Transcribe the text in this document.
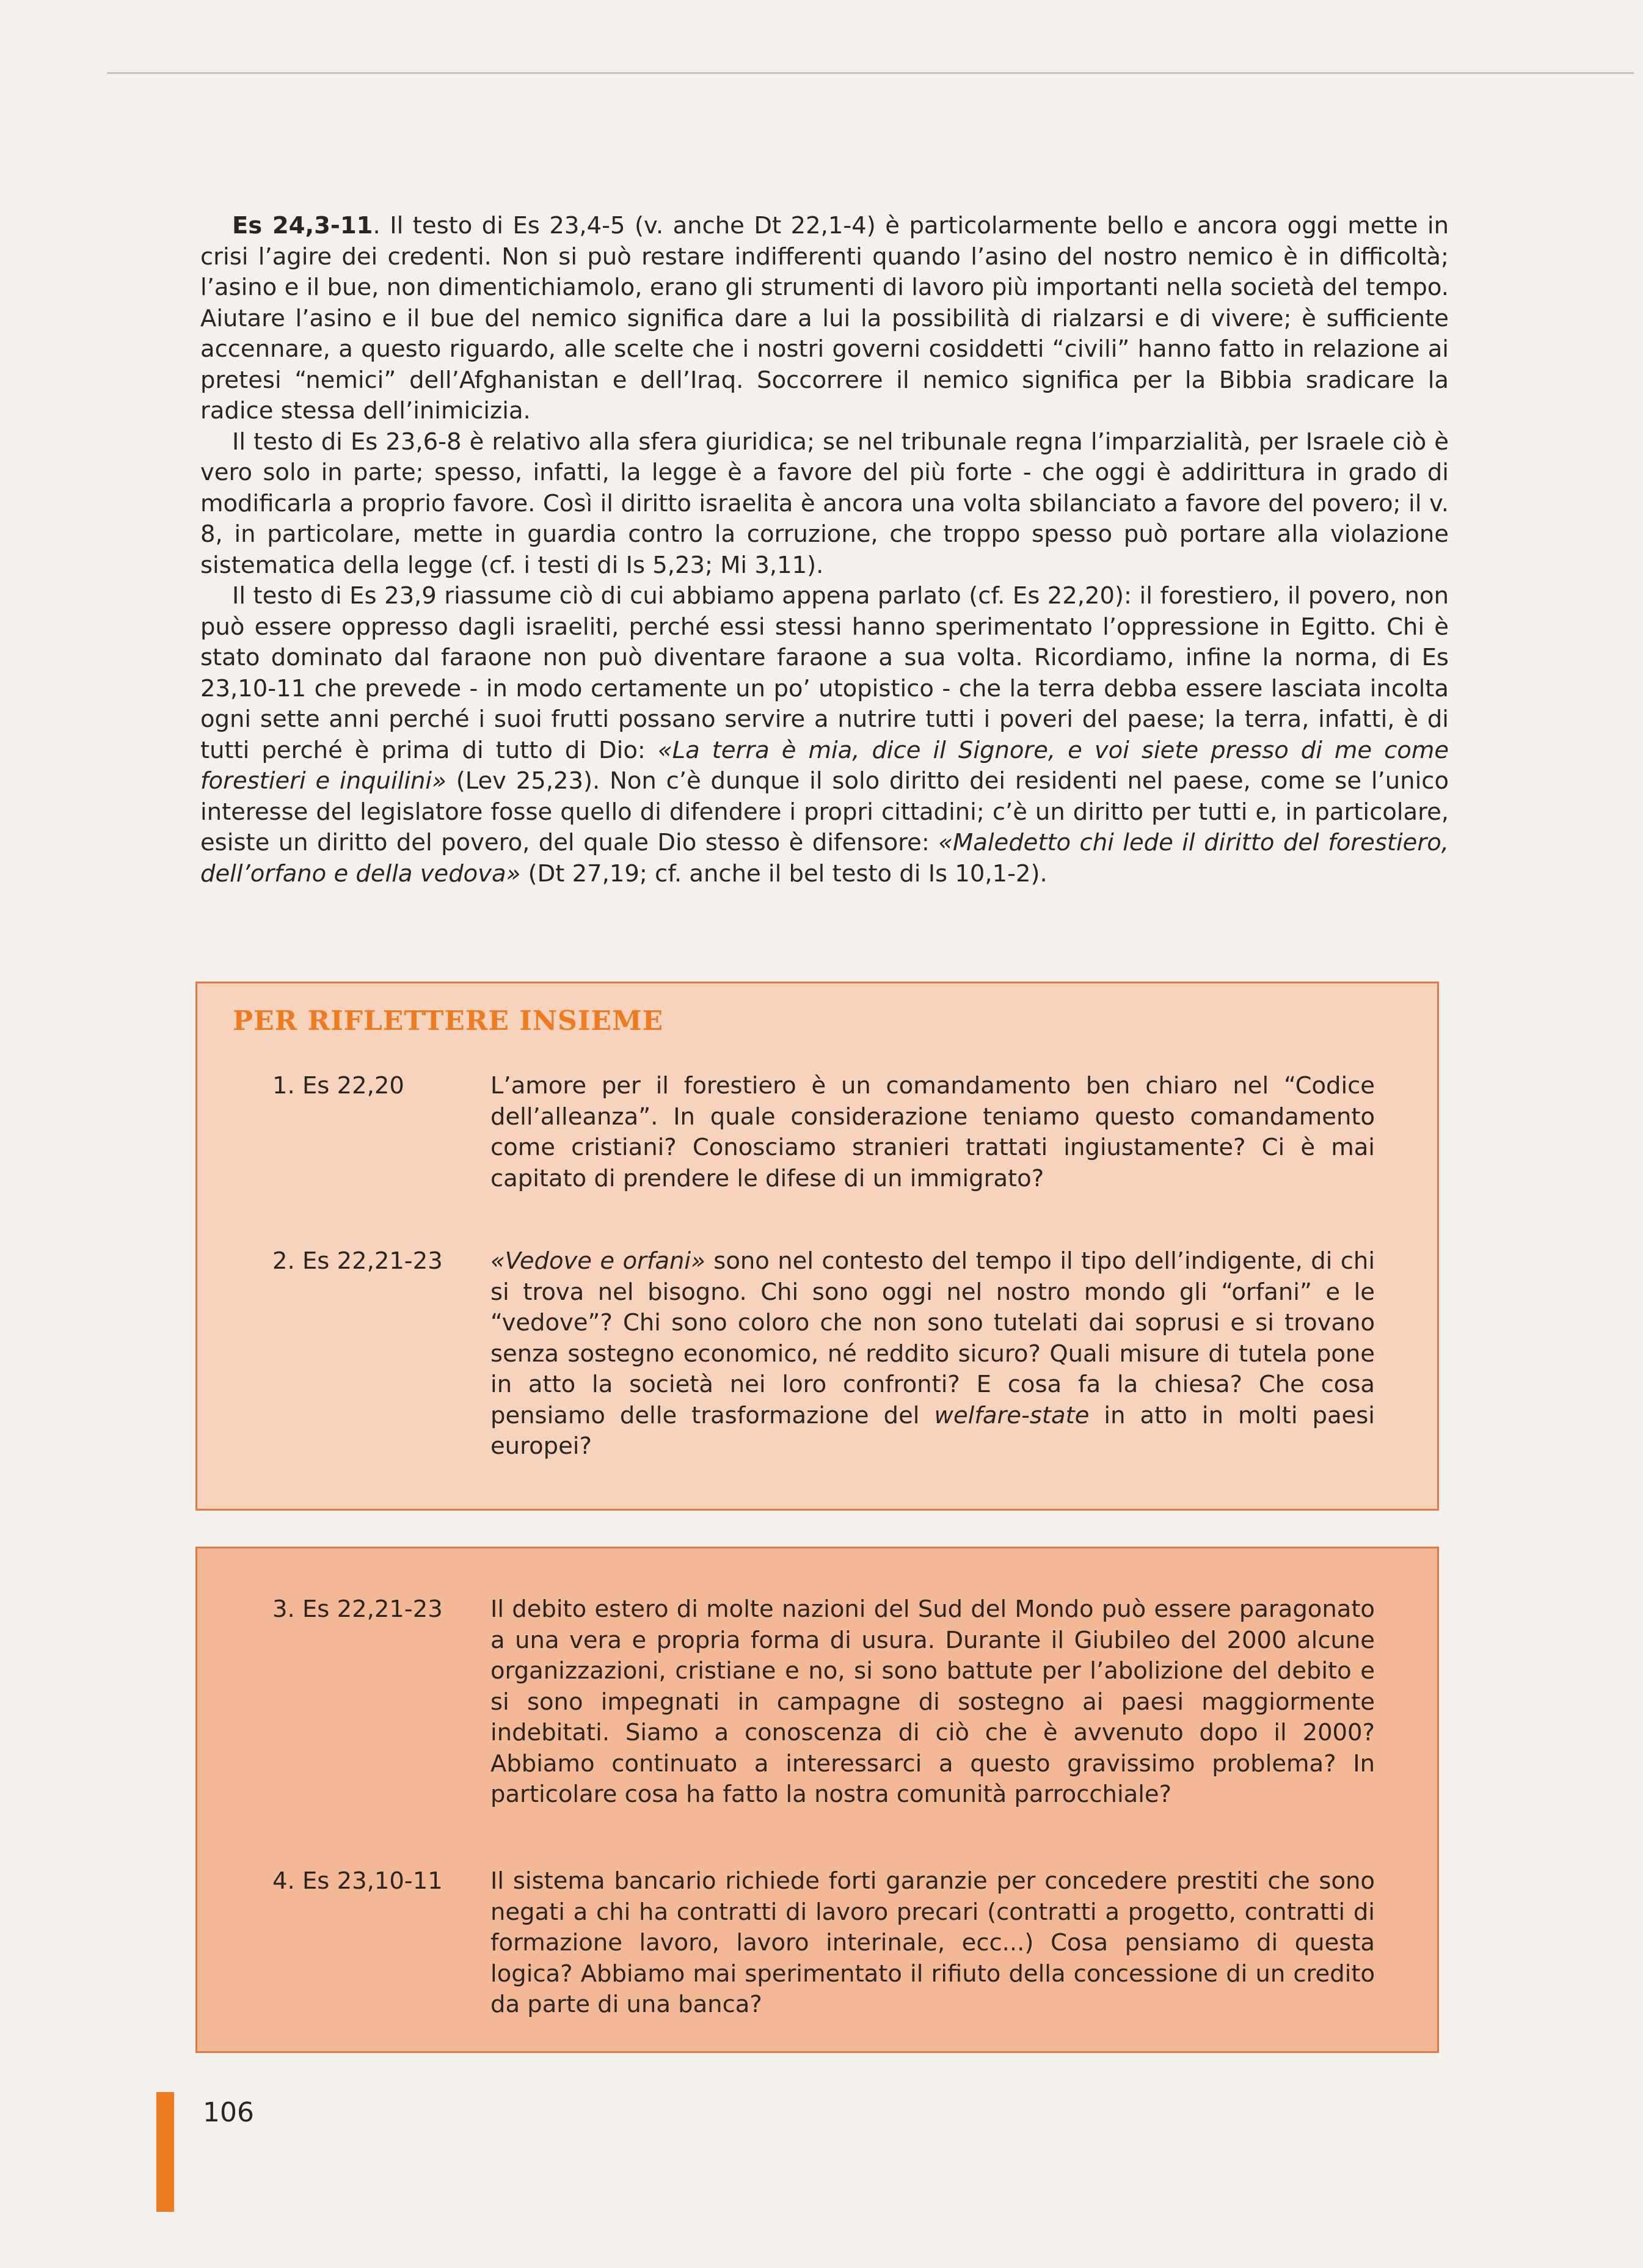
Es 24,3-11. Il testo di Es 23,4-5 (v. anche Dt 22,1-4) è particolarmente bello e ancora oggi mette in crisi l’agire dei credenti. Non si può restare indifferenti quando l’asino del nostro nemico è in difficoltà; l’asino e il bue, non dimentichiamolo, erano gli strumenti di lavoro più importanti nella società del tempo. Aiutare l’asino e il bue del nemico significa dare a lui la possibilità di rialzarsi e di vivere; è sufficiente accennare, a questo riguardo, alle scelte che i nostri governi cosiddetti “civili” hanno fatto in relazione ai pretesi “nemici” dell’Afghanistan e dell’Iraq. Soccorrere il nemico significa per la Bibbia sradicare la radice stessa dell’inimicizia.

Il testo di Es 23,6-8 è relativo alla sfera giuridica; se nel tribunale regna l’imparzialità, per Israele ciò è vero solo in parte; spesso, infatti, la legge è a favore del più forte - che oggi è addirittura in grado di modificarla a proprio favore. Così il diritto israelita è ancora una volta sbilanciato a favore del povero; il v. 8, in particolare, mette in guardia contro la corruzione, che troppo spesso può portare alla violazione sistematica della legge (cf. i testi di Is 5,23; Mi 3,11).

Il testo di Es 23,9 riassume ciò di cui abbiamo appena parlato (cf. Es 22,20): il forestiero, il povero, non può essere oppresso dagli israeliti, perché essi stessi hanno sperimentato l’oppressione in Egitto. Chi è stato dominato dal faraone non può diventare faraone a sua volta. Ricordiamo, infine la norma, di Es 23,10-11 che prevede - in modo certamente un po’ utopistico - che la terra debba essere lasciata incolta ogni sette anni perché i suoi frutti possano servire a nutrire tutti i poveri del paese; la terra, infatti, è di tutti perché è prima di tutto di Dio: «La terra è mia, dice il Signore, e voi siete presso di me come forestieri e inquilini» (Lev 25,23). Non c’è dunque il solo diritto dei residenti nel paese, come se l’unico interesse del legislatore fosse quello di difendere i propri cittadini; c’è un diritto per tutti e, in particolare, esiste un diritto del povero, del quale Dio stesso è difensore: «Maledetto chi lede il diritto del forestiero, dell’orfano e della vedova» (Dt 27,19; cf. anche il bel testo di Is 10,1-2).

PER RIFLETTERE INSIEME

1. Es 22,20	L’amore per il forestiero è un comandamento ben chiaro nel “Codice dell’alleanza”. In quale considerazione teniamo questo comandamento come cristiani? Conosciamo stranieri trattati ingiustamente? Ci è mai capitato di prendere le difese di un immigrato?

2. Es 22,21-23	«Vedove e orfani» sono nel contesto del tempo il tipo dell’indigente, di chi si trova nel bisogno. Chi sono oggi nel nostro mondo gli “orfani” e le “vedove”? Chi sono coloro che non sono tutelati dai soprusi e si trovano senza sostegno economico, né reddito sicuro? Quali misure di tutela pone in atto la società nei loro confronti? E cosa fa la chiesa? Che cosa pensiamo delle trasformazione del welfare-state in atto in molti paesi europei?

3. Es 22,21-23	Il debito estero di molte nazioni del Sud del Mondo può essere paragonato a una vera e propria forma di usura. Durante il Giubileo del 2000 alcune organizzazioni, cristiane e no, si sono battute per l’abolizione del debito e si sono impegnati in campagne di sostegno ai paesi maggiormente indebitati. Siamo a conoscenza di ciò che è avvenuto dopo il 2000? Abbiamo continuato a interessarci a questo gravissimo problema? In particolare cosa ha fatto la nostra comunità parrocchiale?

4. Es 23,10-11	Il sistema bancario richiede forti garanzie per concedere prestiti che sono negati a chi ha contratti di lavoro precari (contratti a progetto, contratti di formazione lavoro, lavoro interinale, ecc...) Cosa pensiamo di questa logica? Abbiamo mai sperimentato il rifiuto della concessione di un credito da parte di una banca?

106
